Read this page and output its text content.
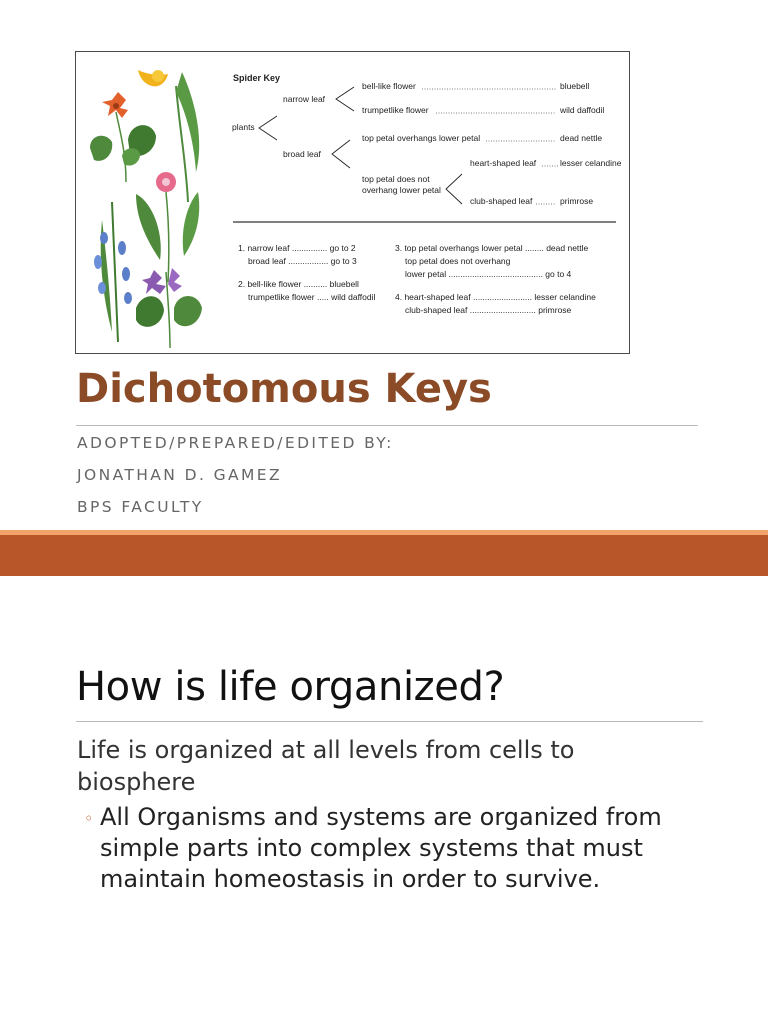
Spider Key
plants
narrow leaf
broad leaf
bell-like flower	bluebell
trumpetlike flower	wild daffodil
top petal overhangs lower petal	dead nettle
top petal does not
overhang lower petal
heart-shaped leaf	lesser celandine
club-shaped leaf	primrose
1. narrow leaf ............... go to 2
broad leaf ................. go to 3
2. bell-like flower .......... bluebell
trumpetlike flower ..... wild daffodil
3. top petal overhangs lower petal ........ dead nettle
top petal does not overhang
lower petal ........................................ go to 4
4. heart-shaped leaf ......................... lesser celandine
club-shaped leaf ............................ primrose
Dichotomous Keys
ADOPTED/PREPARED/EDITED BY:
JONATHAN D. GAMEZ
BPS FACULTY
How is life organized?
Life is organized at all levels from cells to biosphere
◦ All Organisms and systems are organized from simple parts into complex systems that must maintain homeostasis in order to survive.
